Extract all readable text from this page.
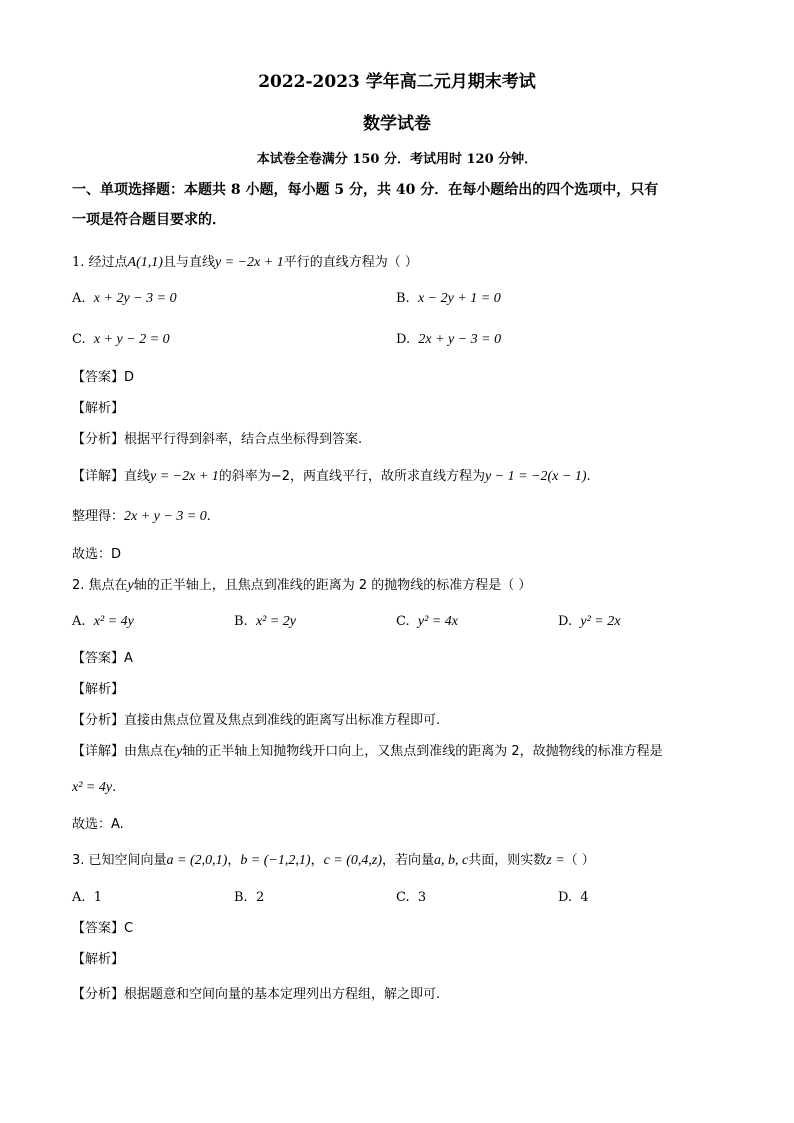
2022-2023 学年高二元月期末考试
数学试卷
本试卷全卷满分 150 分．考试用时 120 分钟．
一、单项选择题：本题共 8 小题，每小题 5 分，共 40 分．在每小题给出的四个选项中，只有
一项是符合题目要求的．
1. 经过点A(1,1)且与直线y = −2x + 1平行的直线方程为（ ）
A. x + 2y − 3 = 0	B. x − 2y + 1 = 0
C. x + y − 2 = 0	D. 2x + y − 3 = 0
【答案】D
【解析】
【分析】根据平行得到斜率，结合点坐标得到答案.
【详解】直线y = −2x + 1的斜率为−2，两直线平行，故所求直线方程为y − 1 = −2(x − 1).
整理得：2x + y − 3 = 0.
故选：D
2. 焦点在y轴的正半轴上，且焦点到准线的距离为 2 的抛物线的标准方程是（ ）
A. x² = 4y	B. x² = 2y	C. y² = 4x	D. y² = 2x
【答案】A
【解析】
【分析】直接由焦点位置及焦点到准线的距离写出标准方程即可.
【详解】由焦点在y轴的正半轴上知抛物线开口向上，又焦点到准线的距离为 2，故抛物线的标准方程是
x² = 4y.
故选：A.
3. 已知空间向量a = (2,0,1)，b = (−1,2,1)，c = (0,4,z)，若向量a, b, c共面，则实数z =（ ）
A. 1	B. 2	C. 3	D. 4
【答案】C
【解析】
【分析】根据题意和空间向量的基本定理列出方程组，解之即可.
